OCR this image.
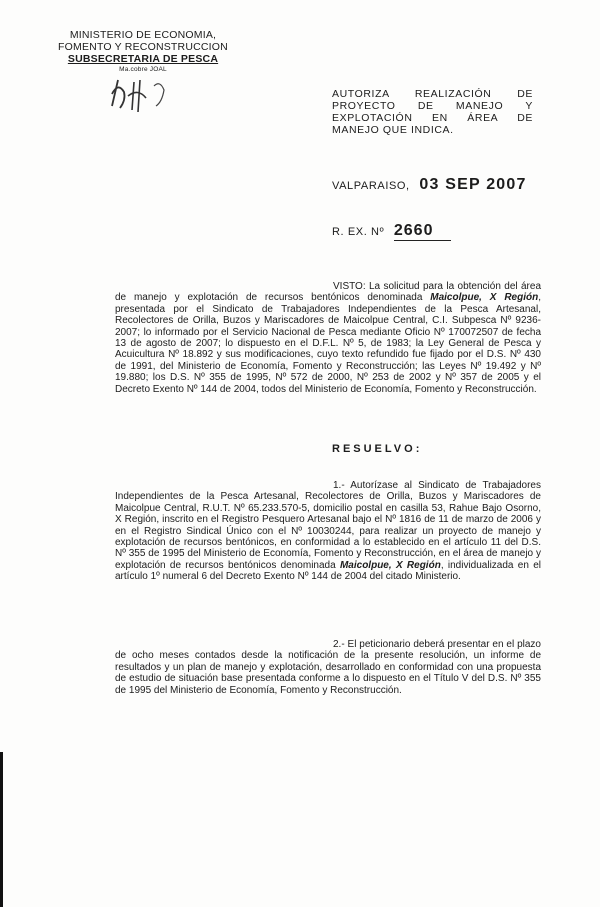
MINISTERIO DE ECONOMIA,
FOMENTO Y RECONSTRUCCION
SUBSECRETARIA DE PESCA
Ma.cobre JOAL
AUTORIZA REALIZACIÓN DE PROYECTO DE MANEJO Y EXPLOTACIÓN EN ÁREA DE MANEJO QUE INDICA.
VALPARAISO, 03 SEP 2007
R. EX. Nº 2660

VISTO: La solicitud para la obtención del área de manejo y explotación de recursos bentónicos denominada Maicolpue, X Región, presentada por el Sindicato de Trabajadores Independientes de la Pesca Artesanal, Recolectores de Orilla, Buzos y Mariscadores de Maicolpue Central, C.I. Subpesca Nº 9236-2007; lo informado por el Servicio Nacional de Pesca mediante Oficio Nº 170072507 de fecha 13 de agosto de 2007; lo dispuesto en el D.F.L. Nº 5, de 1983; la Ley General de Pesca y Acuicultura Nº 18.892 y sus modificaciones, cuyo texto refundido fue fijado por el D.S. Nº 430 de 1991, del Ministerio de Economía, Fomento y Reconstrucción; las Leyes Nº 19.492 y Nº 19.880; los D.S. Nº 355 de 1995, Nº 572 de 2000, Nº 253 de 2002 y Nº 357 de 2005 y el Decreto Exento Nº 144 de 2004, todos del Ministerio de Economía, Fomento y Reconstrucción.

RESUELVO:

1.- Autorízase al Sindicato de Trabajadores Independientes de la Pesca Artesanal, Recolectores de Orilla, Buzos y Mariscadores de Maicolpue Central, R.U.T. Nº 65.233.570-5, domicilio postal en casilla 53, Rahue Bajo Osorno, X Región, inscrito en el Registro Pesquero Artesanal bajo el Nº 1816 de 11 de marzo de 2006 y en el Registro Sindical Único con el Nº 10030244, para realizar un proyecto de manejo y explotación de recursos bentónicos, en conformidad a lo establecido en el artículo 11 del D.S. Nº 355 de 1995 del Ministerio de Economía, Fomento y Reconstrucción, en el área de manejo y explotación de recursos bentónicos denominada Maicolpue, X Región, individualizada en el artículo 1º numeral 6 del Decreto Exento Nº 144 de 2004 del citado Ministerio.

2.- El peticionario deberá presentar en el plazo de ocho meses contados desde la notificación de la presente resolución, un informe de resultados y un plan de manejo y explotación, desarrollado en conformidad con una propuesta de estudio de situación base presentada conforme a lo dispuesto en el Título V del D.S. Nº 355 de 1995 del Ministerio de Economía, Fomento y Reconstrucción.
